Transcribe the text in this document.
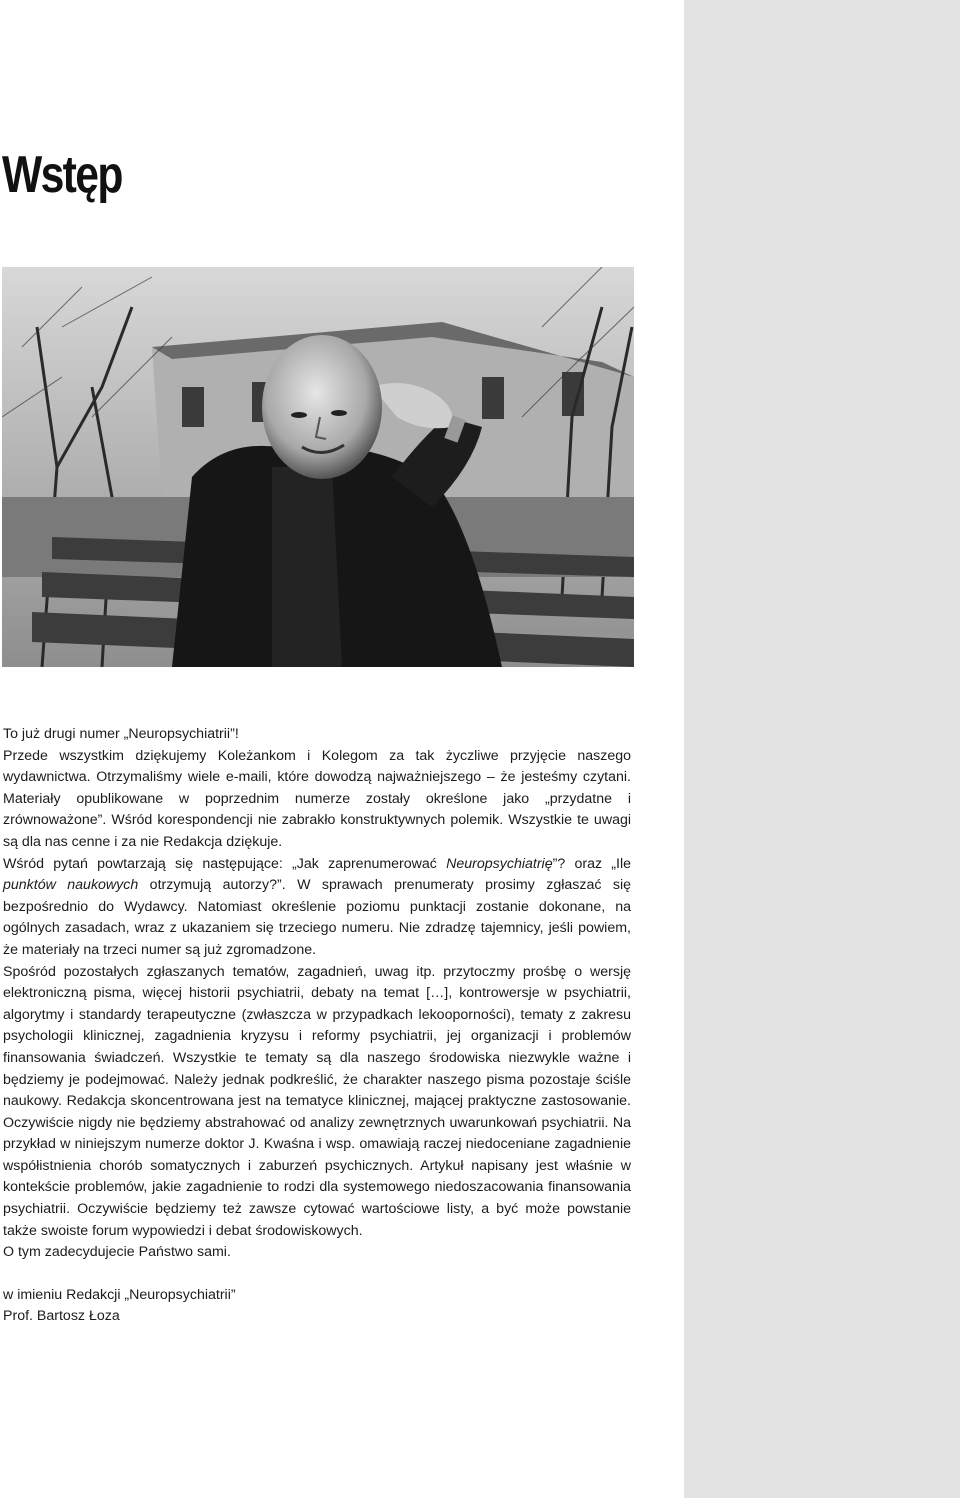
Wstęp

To już drugi numer „Neuropsychiatrii”!

Przede wszystkim dziękujemy Koleżankom i Kolegom za tak życzliwe przyjęcie naszego wydawnictwa. Otrzymaliśmy wiele e-maili, które dowodzą najważniejszego – że jesteśmy czytani. Materiały opublikowane w poprzednim numerze zostały określone jako „przydatne i zrównoważone”. Wśród korespondencji nie zabrakło konstruktywnych polemik. Wszystkie te uwagi są dla nas cenne i za nie Redakcja dziękuje.

Wśród pytań powtarzają się następujące: „Jak zaprenumerować Neuropsychiatrię”? oraz „Ile punktów naukowych otrzymują autorzy?”. W sprawach prenumeraty prosimy zgłaszać się bezpośrednio do Wydawcy. Natomiast określenie poziomu punktacji zostanie dokonane, na ogólnych zasadach, wraz z ukazaniem się trzeciego numeru. Nie zdradzę tajemnicy, jeśli powiem, że materiały na trzeci numer są już zgromadzone.

Spośród pozostałych zgłaszanych tematów, zagadnień, uwag itp. przytoczmy prośbę o wersję elektroniczną pisma, więcej historii psychiatrii, debaty na temat […], kontrowersje w psychiatrii, algorytmy i standardy terapeutyczne (zwłaszcza w przypadkach lekooporności), tematy z zakresu psychologii klinicznej, zagadnienia kryzysu i reformy psychiatrii, jej organizacji i problemów finansowania świadczeń. Wszystkie te tematy są dla naszego środowiska niezwykle ważne i będziemy je podejmować. Należy jednak podkreślić, że charakter naszego pisma pozostaje ściśle naukowy. Redakcja skoncentrowana jest na tematyce klinicznej, mającej praktyczne zastosowanie. Oczywiście nigdy nie będziemy abstrahować od analizy zewnętrznych uwarunkowań psychiatrii. Na przykład w niniejszym numerze doktor J. Kwaśna i wsp. omawiają raczej niedoceniane zagadnienie współistnienia chorób somatycznych i zaburzeń psychicznych. Artykuł napisany jest właśnie w kontekście problemów, jakie zagadnienie to rodzi dla systemowego niedoszacowania finansowania psychiatrii. Oczywiście będziemy też zawsze cytować wartościowe listy, a być może powstanie także swoiste forum wypowiedzi i debat środowiskowych.

O tym zadecydujecie Państwo sami.

w imieniu Redakcji „Neuropsychiatrii”

Prof. Bartosz Łoza
